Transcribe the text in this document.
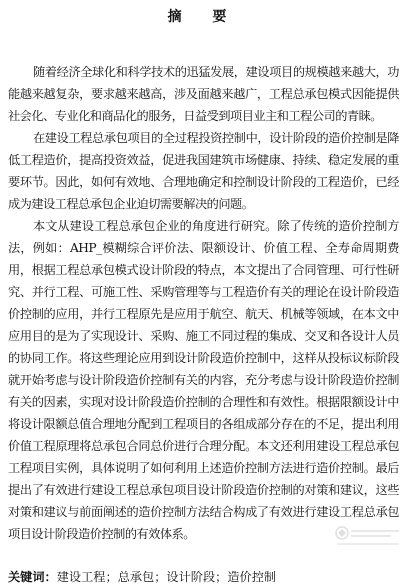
摘 要

随着经济全球化和科学技术的迅猛发展，建设项目的规模越来越大，功能越来越复杂，要求越来越高，涉及面越来越广，工程总承包模式因能提供社会化、专业化和商品化的服务，日益受到项目业主和工程公司的青睐。

在建设工程总承包项目的全过程投资控制中，设计阶段的造价控制是降低工程造价，提高投资效益，促进我国建筑市场健康、持续、稳定发展的重要环节。因此，如何有效地、合理地确定和控制设计阶段的工程造价，已经成为建设工程总承包企业迫切需要解决的问题。

本文从建设工程总承包企业的角度进行研究。除了传统的造价控制方法，例如：AHP_模糊综合评价法、限额设计、价值工程、全寿命周期费用，根据工程总承包模式设计阶段的特点，本文提出了合同管理、可行性研究、并行工程、可施工性、采购管理等与工程造价有关的理论在设计阶段造价控制的应用，并行工程原先是应用于航空、航天、机械等领域，在本文中应用目的是为了实现设计、采购、施工不同过程的集成、交叉和各设计人员的协同工作。将这些理论应用到设计阶段造价控制中，这样从投标议标阶段就开始考虑与设计阶段造价控制有关的内容，充分考虑与设计阶段造价控制有关的因素，实现对设计阶段造价控制的合理性和有效性。根据限额设计中将设计限额总值合理地分配到工程项目的各组成部分存在的不足，提出利用价值工程原理将总承包合同总价进行合理分配。本文还利用建设工程总承包工程项目实例，具体说明了如何利用上述造价控制方法进行造价控制。最后提出了有效进行建设工程总承包项目设计阶段造价控制的对策和建议，这些对策和建议与前面阐述的造价控制方法结合构成了有效进行建设工程总承包项目设计阶段造价控制的有效体系。

关键词：建设工程；总承包；设计阶段；造价控制
